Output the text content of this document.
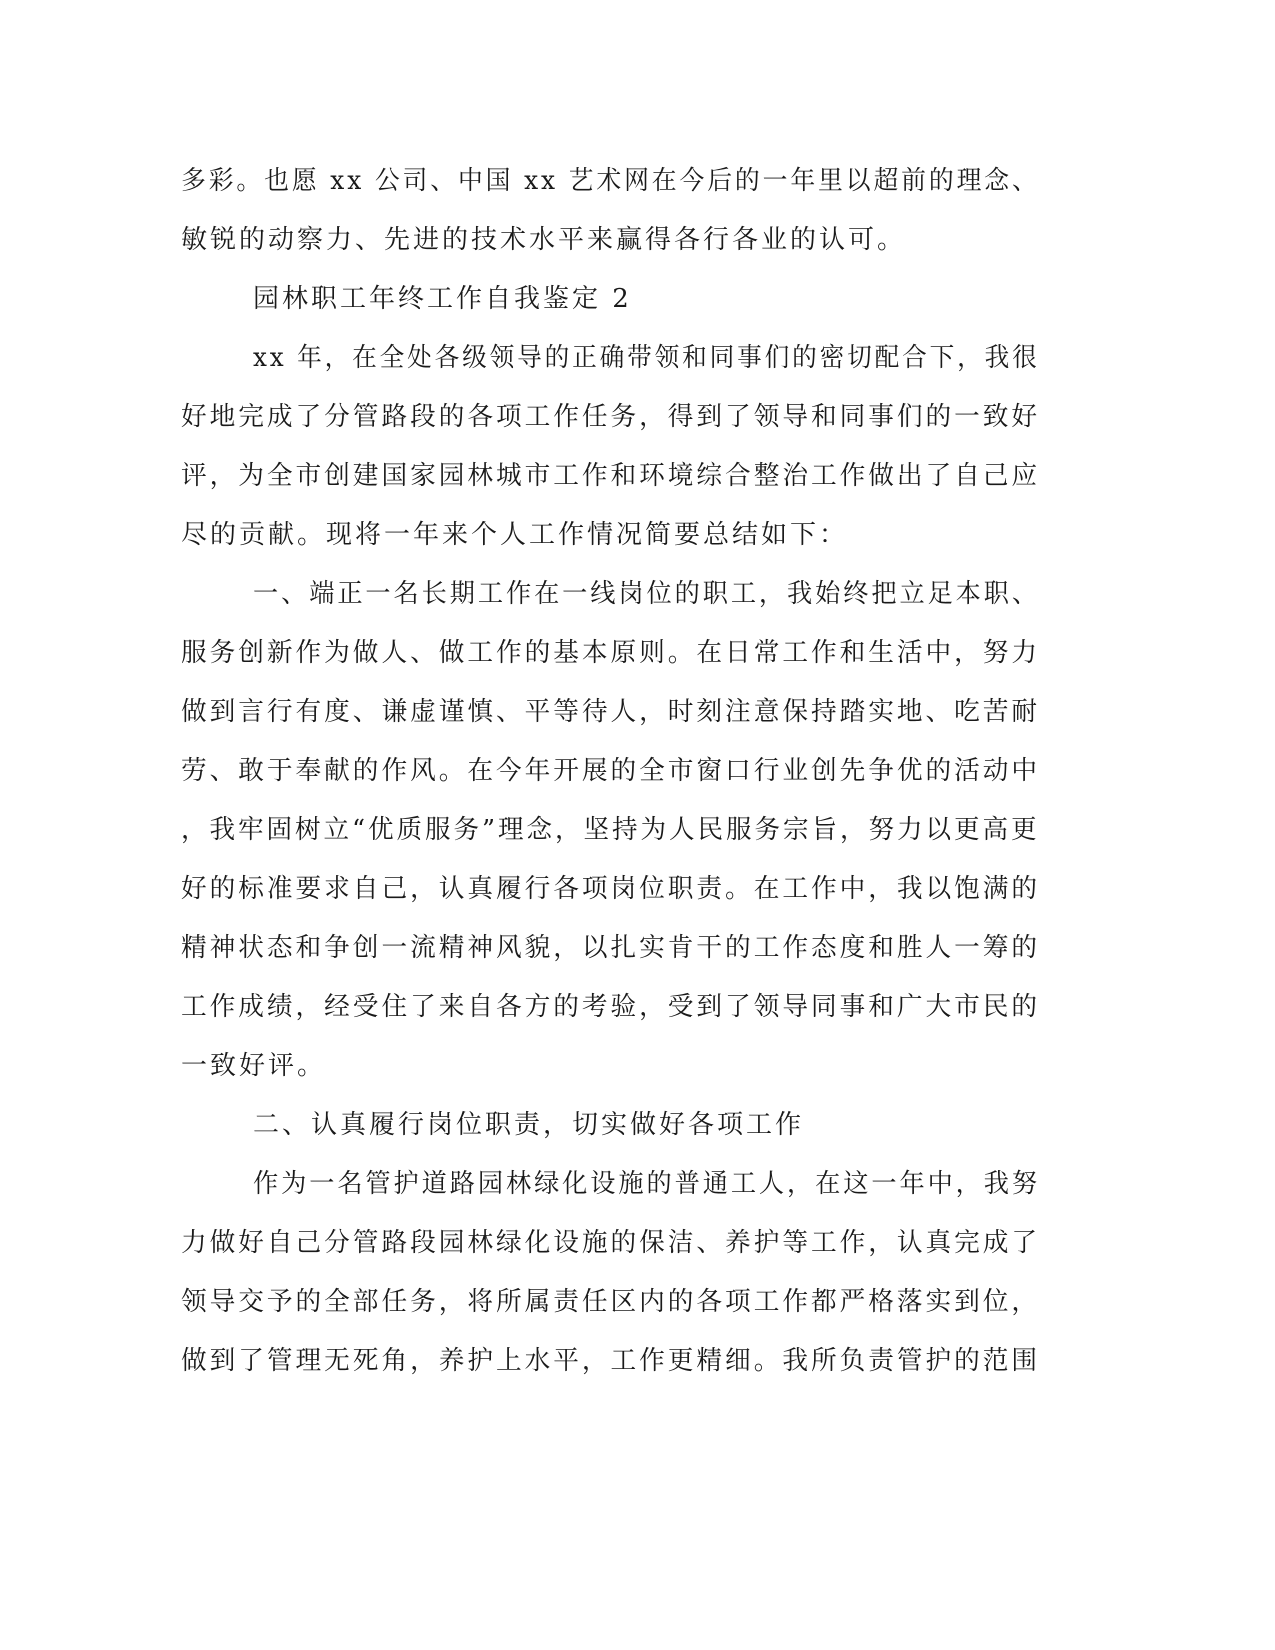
多彩。也愿 xx 公司、中国 xx 艺术网在今后的一年里以超前的理念、

敏锐的动察力、先进的技术水平来赢得各行各业的认可。

园林职工年终工作自我鉴定 2

xx 年，在全处各级领导的正确带领和同事们的密切配合下，我很

好地完成了分管路段的各项工作任务，得到了领导和同事们的一致好

评，为全市创建国家园林城市工作和环境综合整治工作做出了自己应

尽的贡献。现将一年来个人工作情况简要总结如下：

一、端正一名长期工作在一线岗位的职工，我始终把立足本职、

服务创新作为做人、做工作的基本原则。在日常工作和生活中，努力

做到言行有度、谦虚谨慎、平等待人，时刻注意保持踏实地、吃苦耐

劳、敢于奉献的作风。在今年开展的全市窗口行业创先争优的活动中

，我牢固树立“优质服务”理念，坚持为人民服务宗旨，努力以更高更

好的标准要求自己，认真履行各项岗位职责。在工作中，我以饱满的

精神状态和争创一流精神风貌，以扎实肯干的工作态度和胜人一筹的

工作成绩，经受住了来自各方的考验，受到了领导同事和广大市民的

一致好评。

二、认真履行岗位职责，切实做好各项工作

作为一名管护道路园林绿化设施的普通工人，在这一年中，我努

力做好自己分管路段园林绿化设施的保洁、养护等工作，认真完成了

领导交予的全部任务，将所属责任区内的各项工作都严格落实到位，

做到了管理无死角，养护上水平，工作更精细。我所负责管护的范围
